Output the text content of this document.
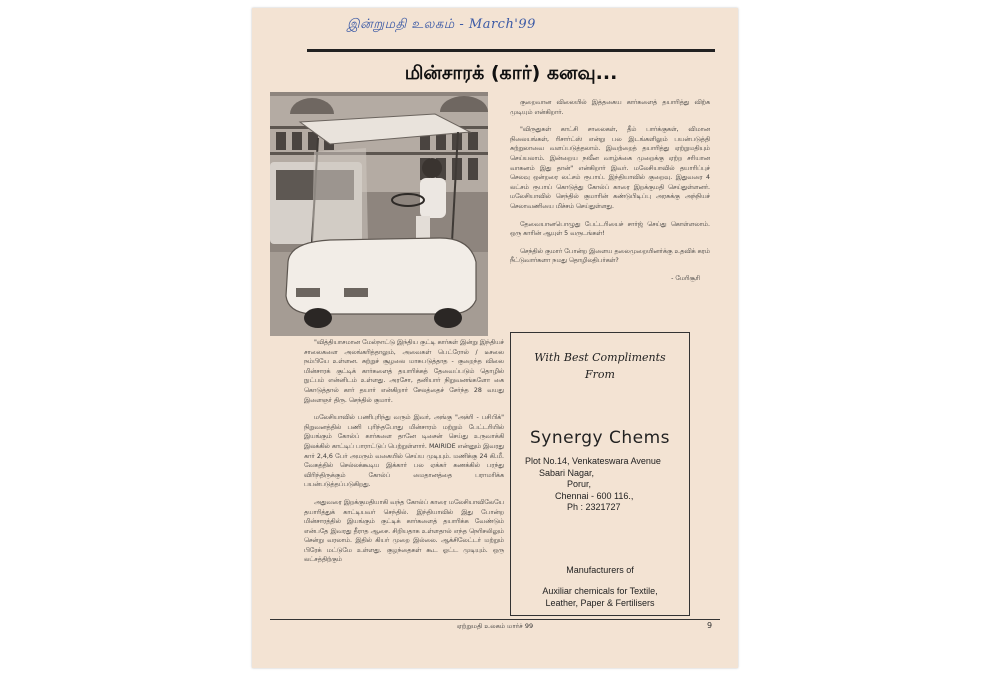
இன்றுமதி உலகம் - March'99
மின்சாரக் (கார்) கனவு...

"வித்தியாசமான மேல்நாட்டு இந்திய குட்டி கார்கள் இன்று இந்தியச் சாலைகளை அலங்கரித்தாலும், அவைகள் பெட்ரோல் / டீசலை நம்பியே உள்ளன. சுற்றுச் சூழலை மாசுபடுத்தாத - குறைந்த விலை மின்சாரக் குட்டிக் கார்களைத் தயாரிக்கத் தேவைப்படும் தொழில் நுட்பம் என்னிடம் உள்ளது. அரசோ, தனியார் நிறுவனங்களோ கை கொடுத்தால் கார் தயார் என்கிறார் சேலத்தைச் சேர்ந்த 28 வயது இளைஞர் திரு. செந்தில் குமார்.

மலேசியாவில் பணிபுரிந்து வரும் இவர், அங்கு "அக்ரி - பசிபிக்" நிறுவனத்தில் பணி புரிந்தபோது மின்சாரம் மற்றும் பேட்டரியில் இயங்கும் கோல்ப் கார்களை தானே டிசைன் செய்து உருவாக்கி இலக்கில் காட்டிப் பாராட்டுப் பெற்றுள்ளார். MAIRIDE என்னும் இவரது கார் 2,4,6 பேர் அமரும் வகையில் செய்ய முடியும். மணிக்கு 24 கி.மீ. வேகத்தில் செல்லக்கூடிய இக்கார் பல ஏக்கர் கணக்கில் பரந்து விரிந்திருக்கும் கோல்ப் மைதானத்தை பராமரிக்க பயன்படுத்தப்படுகிறது.

அதுவரை இறக்குமதியாகி வந்த கோல்ப் காரை மலேசியாவிலேயே தயாரித்துக் காட்டியவர் செந்தில். இந்தியாவில் இது போன்ற மின்சாரத்தில் இயங்கும் குட்டிக் கார்களைத் தயாரிக்க வேண்டும் என்பதே இவரது தீராத ஆசை. சிறியதாக உள்ளதால் எந்த நெரிசலிலும் சென்று வரலாம். இதில் கியர் முறை இல்லை. ஆக்சிலேட்டர் மற்றும் பிரேக் மட்டுமே உள்ளது. குழந்தைகள் கூட ஓட்ட முடியும். ஒரு லட்சத்திற்கும்

குறைவான விலையில் இத்தகைய கார்களைத் தயாரித்து விற்க முடியும் என்கிறார்.

"விருதுகள் காட்சி சாலைகள், தீம் பார்க்குகள், விமான நிலையங்கள், ரிசார்ட்ஸ் என்று பல இடங்களிலும் பயன்படுத்தி சுற்றுலாவை வளப்படுத்தலாம். இவற்றைத் தயாரித்து ஏற்றுமதியும் செய்யலாம். இன்றைய நவீன வாழ்க்கை முறைக்கு ஏற்ற சரியான வாகனம் இது தான்" என்கிறார் இவர். மலேசியாவில் தயாரிப்புச் செலவு ஒன்றரை லட்சம் ரூபாய். இந்தியாவில் குறைவு. இதுவரை 4 லட்சம் ரூபாய் கொடுத்து கோல்ப் காரை இறக்குமதி செய்துள்ளனர். மலேசியாவில் செந்தில் குமாரின் கண்டுபிடிப்பு அரசுக்கு அந்நியச் செலாவணியை மிச்சம் செய்துள்ளது.

தேவையானபொழுது பேட்டரியைச் சார்ஜ் செய்து கொள்ளலாம். ஒரு காரின் ஆயுள் 5 வருடங்கள்!

செந்தில் குமார் போன்ற இளைய தலைமுறையினர்க்கு உதவிக் கரம் நீட்டுவார்களா நமது தொழிலதிபர்கள்?

- மேரிசூரி

With Best Compliments
From
Synergy Chems
Plot No.14, Venkateswara Avenue
Sabari Nagar,
Porur,
Chennai - 600 116.,
Ph : 2321727
Manufacturers of
Auxiliar chemicals for Textile,
Leather, Paper & Fertilisers
ஏற்றுமதி உலகம் மார்ச் 99	9
